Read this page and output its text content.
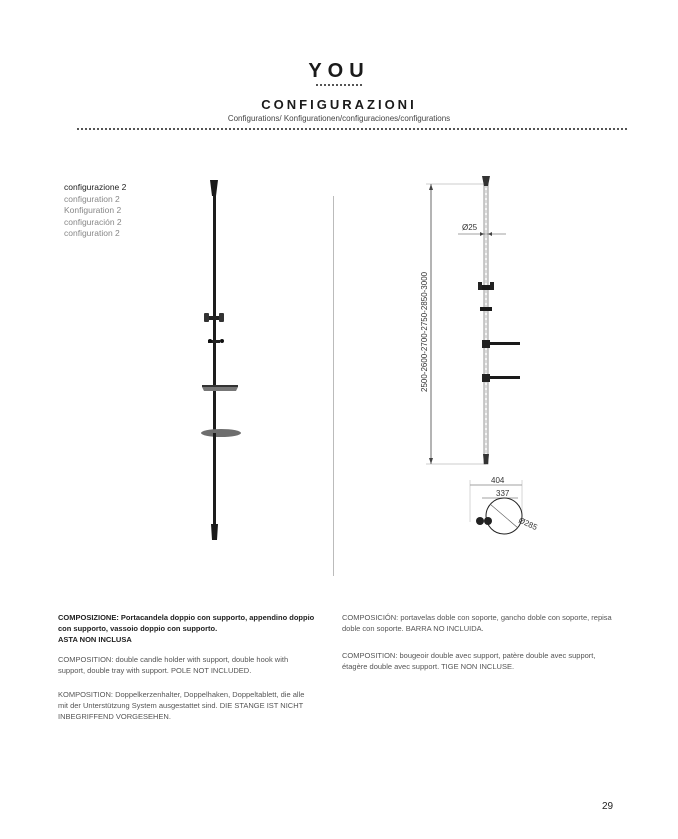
YOU
CONFIGURAZIONI
Configurations/ Konfigurationen/configuraciones/configurations
configurazione 2
configuration 2
Konfiguration 2
configuración 2
configuration 2
2500-2600-2700-2750-2850-3000
Ø25
404
337
Ø285
COMPOSIZIONE: Portacandela doppio con supporto, appendino doppio con supporto, vassoio doppio con supporto.
ASTA NON INCLUSA
COMPOSITION: double candle holder with support, double hook with support, double tray with support. POLE NOT INCLUDED.
KOMPOSITION: Doppelkerzenhalter, Doppelhaken, Doppeltablett, die alle mit der Unterstützung System ausgestattet sind. DIE STANGE IST NICHT INBEGRIFFEND VORGESEHEN.
COMPOSICIÓN: portavelas doble con soporte, gancho doble con soporte, repisa doble con soporte. BARRA NO INCLUIDA.
COMPOSITION: bougeoir double avec support, patère double avec support, étagère double avec support. TIGE NON INCLUSE.
29
